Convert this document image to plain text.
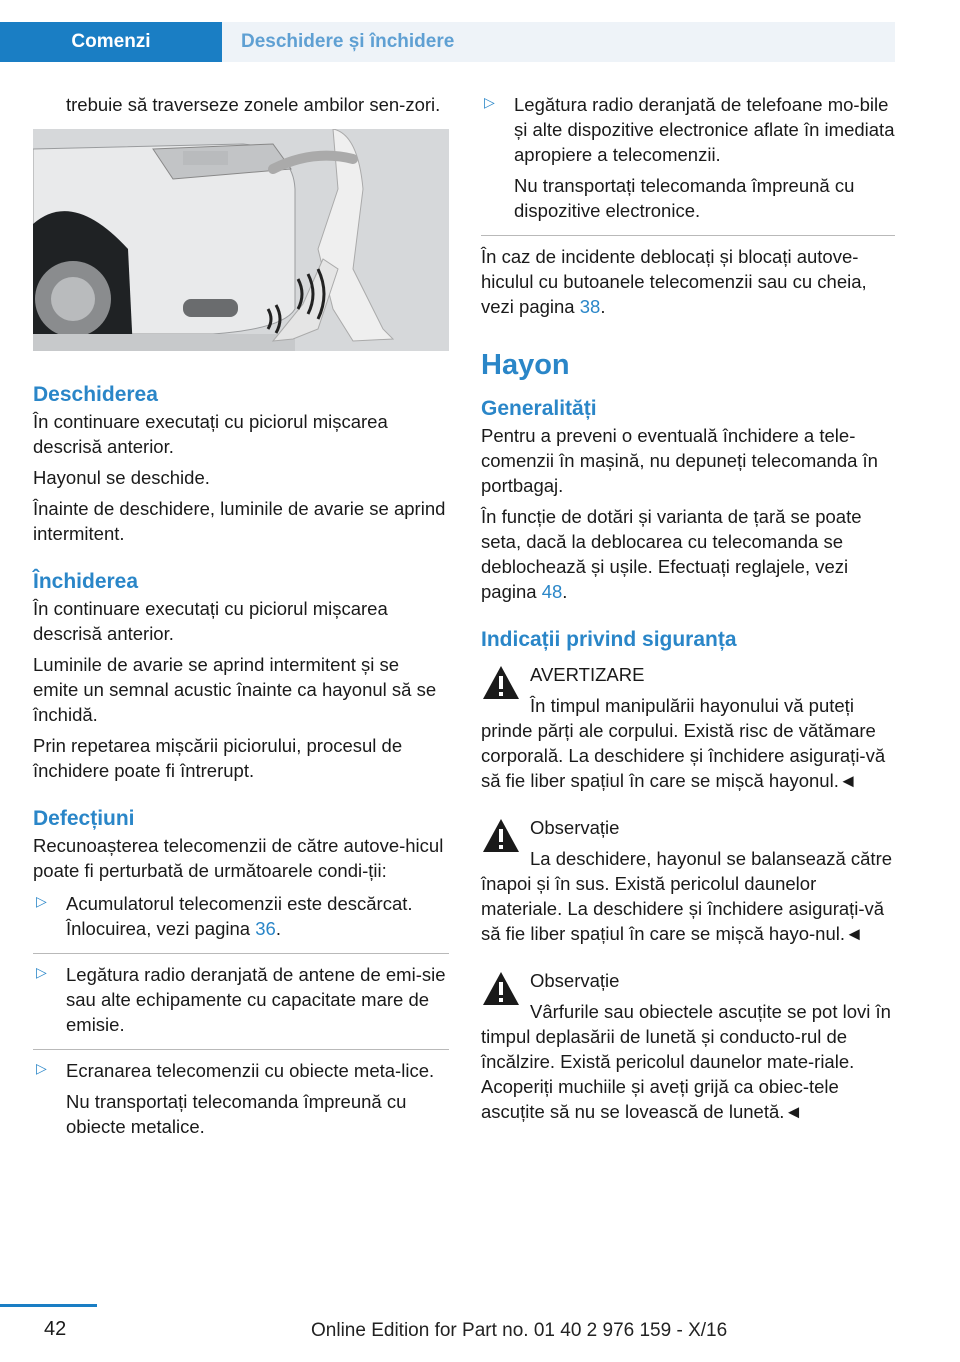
Comenzi	Deschidere și închidere

trebuie să traverseze zonele ambilor sen-zori.

Deschiderea

În continuare executați cu piciorul mișcarea descrisă anterior.

Hayonul se deschide.

Înainte de deschidere, luminile de avarie se aprind intermitent.

Închiderea

În continuare executați cu piciorul mișcarea descrisă anterior.

Luminile de avarie se aprind intermitent și se emite un semnal acustic înainte ca hayonul să se închidă.

Prin repetarea mișcării piciorului, procesul de închidere poate fi întrerupt.

Defecțiuni

Recunoașterea telecomenzii de către autove-hicul poate fi perturbată de următoarele condi-ții:

▷ Acumulatorul telecomenzii este descărcat. Înlocuirea, vezi pagina 36.

▷ Legătura radio deranjată de antene de emi-sie sau alte echipamente cu capacitate mare de emisie.

▷ Ecranarea telecomenzii cu obiecte meta-lice.

Nu transportați telecomanda împreună cu obiecte metalice.

▷ Legătura radio deranjată de telefoane mo-bile și alte dispozitive electronice aflate în imediata apropiere a telecomenzii.

Nu transportați telecomanda împreună cu dispozitive electronice.

În caz de incidente deblocați și blocați autove-hiculul cu butoanele telecomenzii sau cu cheia, vezi pagina 38.

Hayon
Generalități

Pentru a preveni o eventuală închidere a tele-comenzii în mașină, nu depuneți telecomanda în portbagaj.

În funcție de dotări și varianta de țară se poate seta, dacă la deblocarea cu telecomanda se deblochează și ușile. Efectuați reglajele, vezi pagina 48.

Indicații privind siguranța

AVERTIZARE

În timpul manipulării hayonului vă puteți prinde părți ale corpului. Există risc de vătămare corporală. La deschidere și închidere asigurați-vă să fie liber spațiul în care se mișcă hayonul.◄

Observație

La deschidere, hayonul se balansează către înapoi și în sus. Există pericolul daunelor materiale. La deschidere și închidere asigurați-vă să fie liber spațiul în care se mișcă hayo-nul.◄

Observație

Vârfurile sau obiectele ascuțite se pot lovi în timpul deplasării de lunetă și conducto-rul de încălzire. Există pericolul daunelor mate-riale. Acoperiți muchiile și aveți grijă ca obiec-tele ascuțite să nu se lovească de lunetă.◄

42	Online Edition for Part no. 01 40 2 976 159 - X/16
